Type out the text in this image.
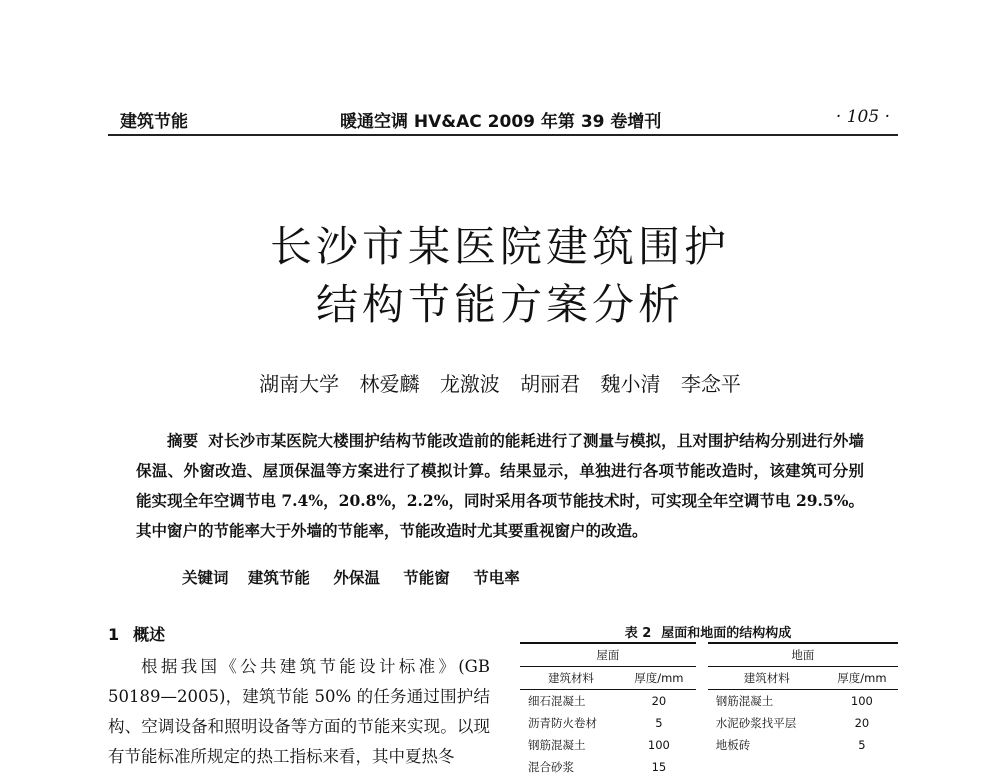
建筑节能	暖通空调 HV&AC 2009 年第 39 卷增刊	· 105 ·
长沙市某医院建筑围护
结构节能方案分析
湖南大学 林爱麟 龙激波 胡丽君 魏小清 李念平

摘要 对长沙市某医院大楼围护结构节能改造前的能耗进行了测量与模拟，且对围护结构分别进行外墙保温、外窗改造、屋顶保温等方案进行了模拟计算。结果显示，单独进行各项节能改造时，该建筑可分别能实现全年空调节电 7.4%，20.8%，2.2%，同时采用各项节能技术时，可实现全年空调节电 29.5%。其中窗户的节能率大于外墙的节能率，节能改造时尤其要重视窗户的改造。

关键词 建筑节能 外保温 节能窗 节电率
1 概述

根据我国《公共建筑节能设计标准》(GB 50189—2005)，建筑节能 50% 的任务通过围护结构、空调设备和照明设备等方面的节能来实现。以现有节能标准所规定的热工指标来看，其中夏热冬

表 2 屋面和地面的结构构成
屋面		地面	
建筑材料	厚度/mm	建筑材料	厚度/mm
细石混凝土	20	钢筋混凝土	100
沥青防火卷材	5	水泥砂浆找平层	20
钢筋混凝土	100	地板砖	5
混合砂浆	15		
